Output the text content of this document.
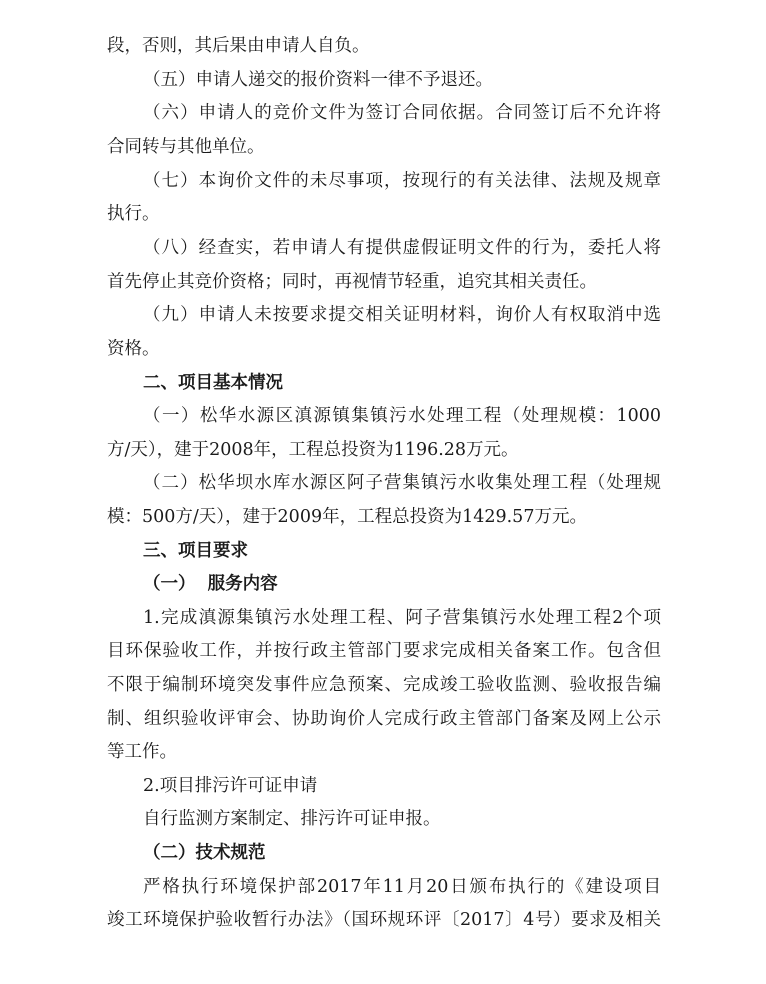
段，否则，其后果由申请人自负。
（五）申请人递交的报价资料一律不予退还。
（六）申请人的竞价文件为签订合同依据。合同签订后不允许将
合同转与其他单位。
（七）本询价文件的未尽事项，按现行的有关法律、法规及规章
执行。
（八）经查实，若申请人有提供虚假证明文件的行为，委托人将
首先停止其竞价资格；同时，再视情节轻重，追究其相关责任。
（九）申请人未按要求提交相关证明材料，询价人有权取消中选
资格。
二、项目基本情况
（一）松华水源区滇源镇集镇污水处理工程（处理规模：1000
方/天），建于2008年，工程总投资为1196.28万元。
（二）松华坝水库水源区阿子营集镇污水收集处理工程（处理规
模：500方/天），建于2009年，工程总投资为1429.57万元。
三、项目要求
（一）  服务内容
1.完成滇源集镇污水处理工程、阿子营集镇污水处理工程2个项
目环保验收工作，并按行政主管部门要求完成相关备案工作。包含但
不限于编制环境突发事件应急预案、完成竣工验收监测、验收报告编
制、组织验收评审会、协助询价人完成行政主管部门备案及网上公示
等工作。
2.项目排污许可证申请
自行监测方案制定、排污许可证申报。
（二）技术规范
严格执行环境保护部2017年11月20日颁布执行的《建设项目
竣工环境保护验收暂行办法》（国环规环评〔2017〕4号）要求及相关
